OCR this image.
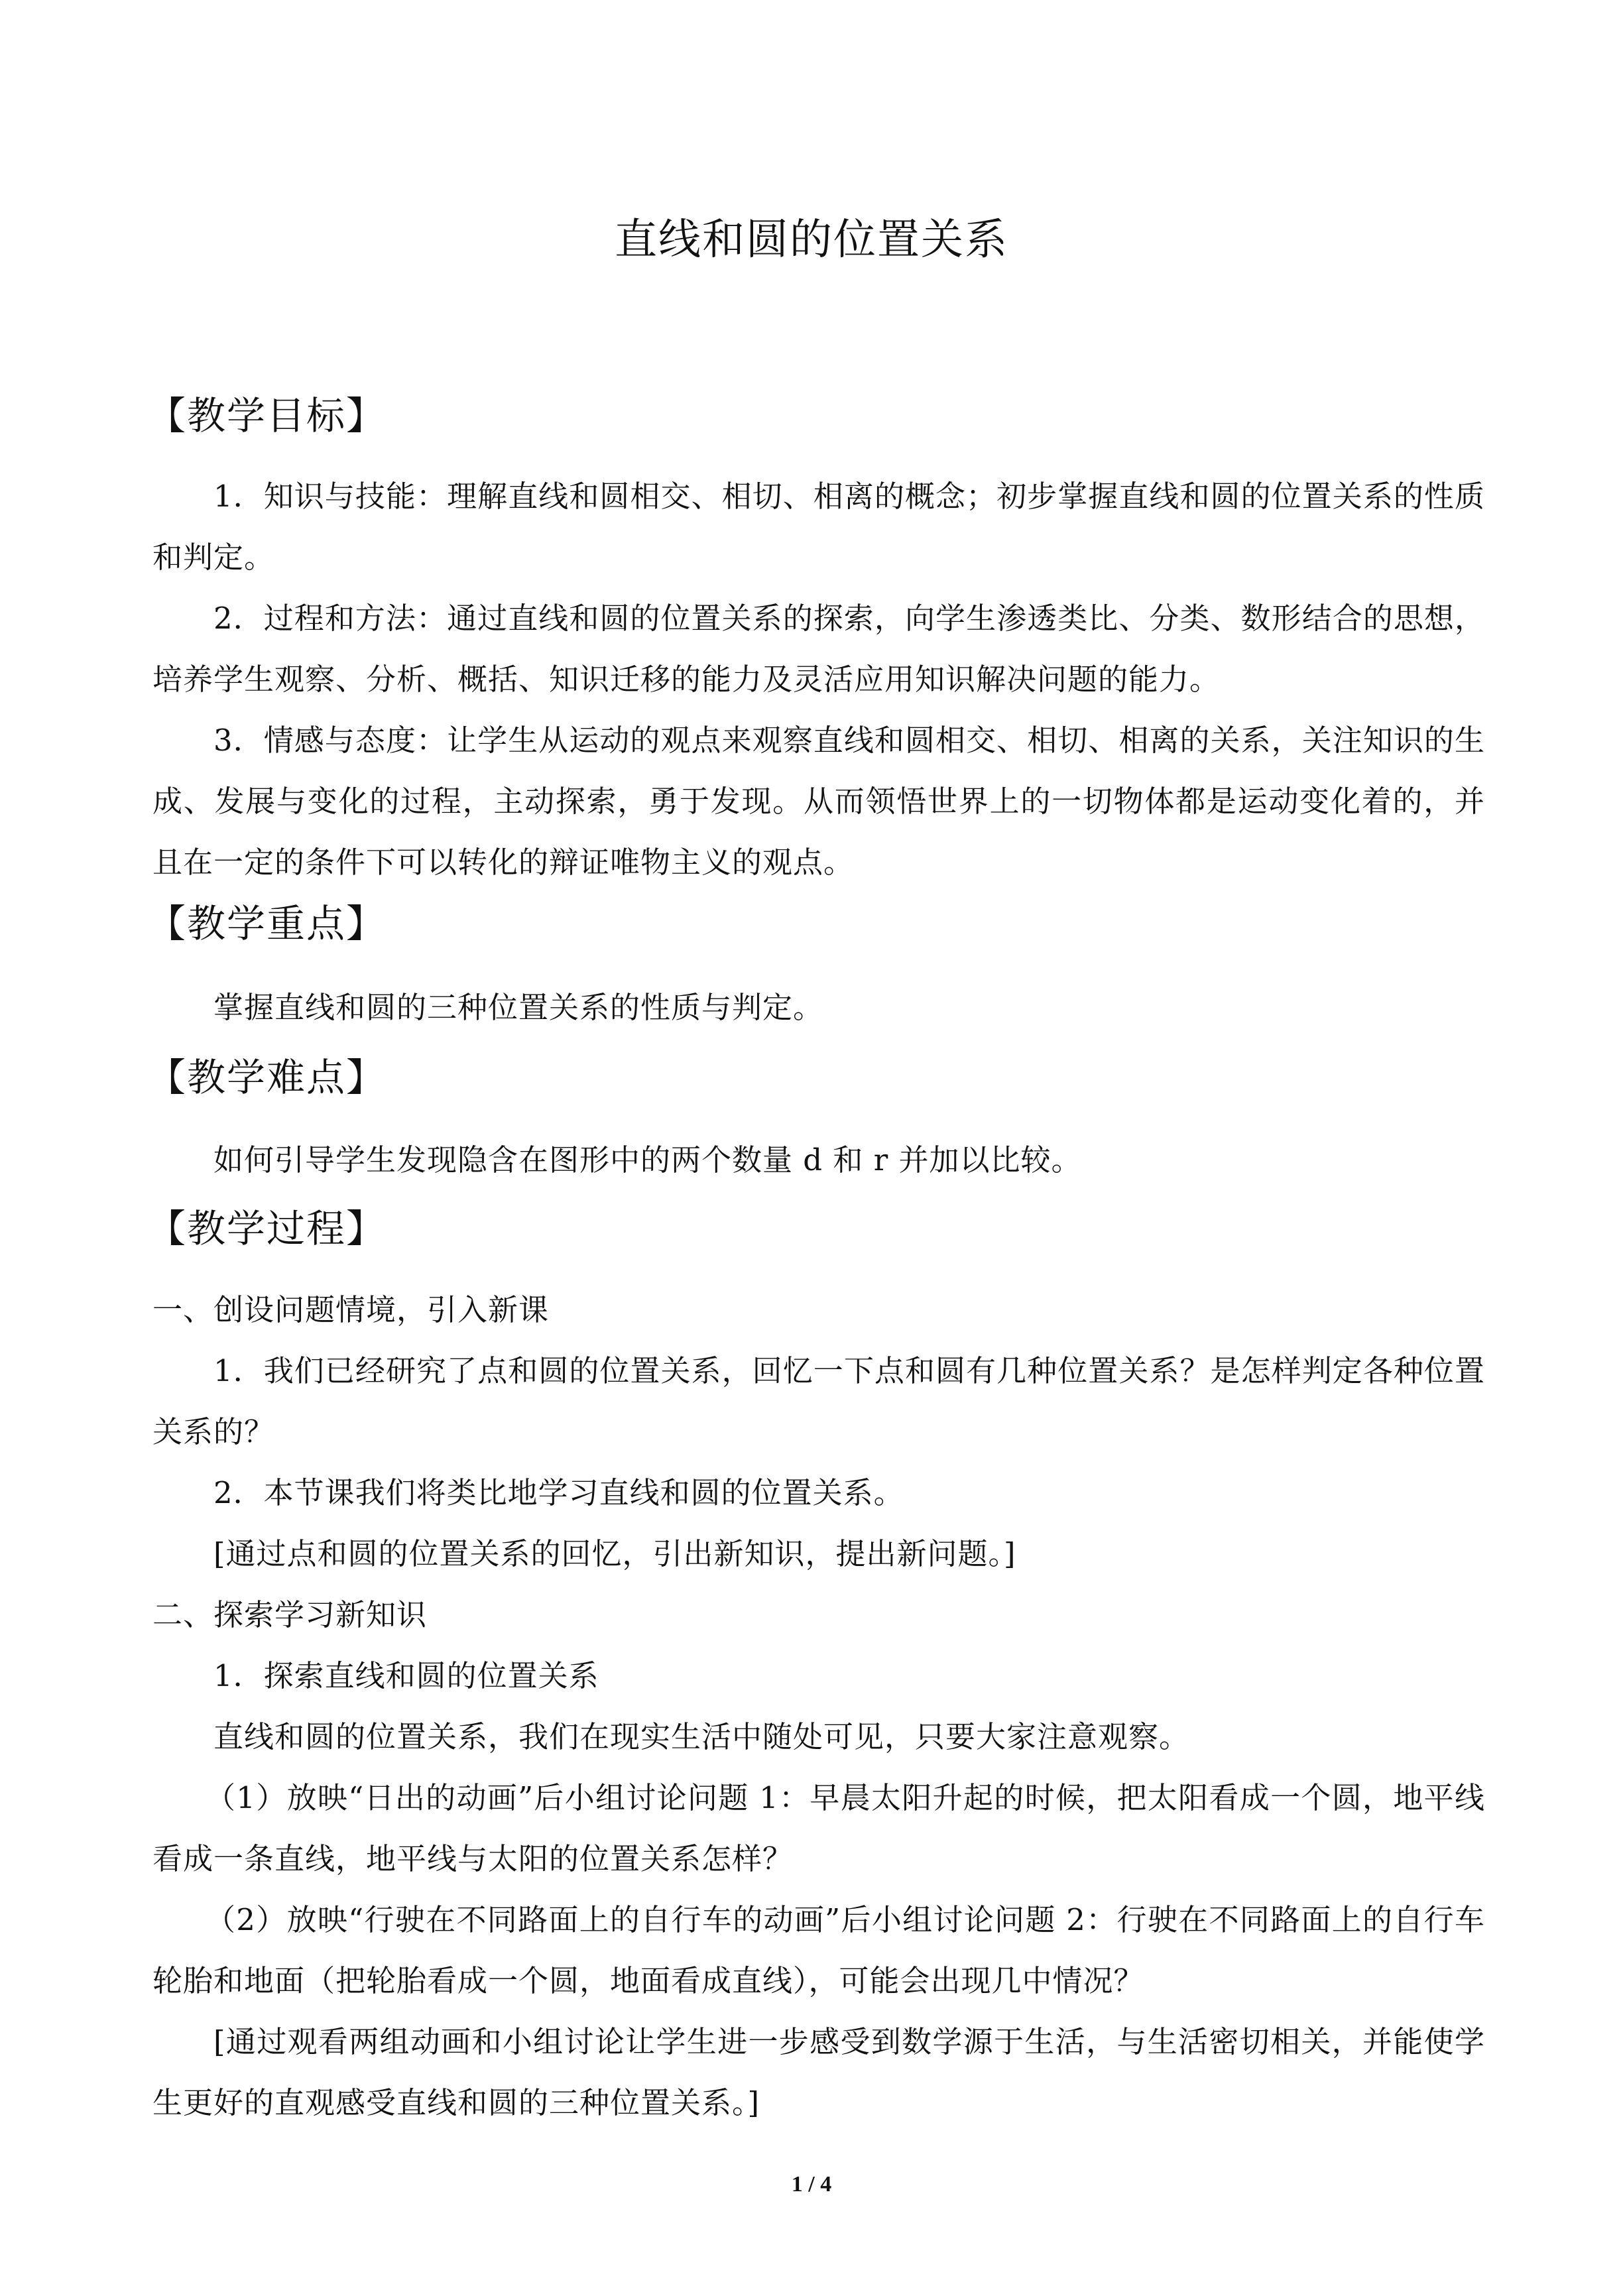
直线和圆的位置关系
【教学目标】
1．知识与技能：理解直线和圆相交、相切、相离的概念；初步掌握直线和圆的位置关系的性质和判定。
2．过程和方法：通过直线和圆的位置关系的探索，向学生渗透类比、分类、数形结合的思想，培养学生观察、分析、概括、知识迁移的能力及灵活应用知识解决问题的能力。
3．情感与态度：让学生从运动的观点来观察直线和圆相交、相切、相离的关系，关注知识的生成、发展与变化的过程，主动探索，勇于发现。从而领悟世界上的一切物体都是运动变化着的，并且在一定的条件下可以转化的辩证唯物主义的观点。
【教学重点】
掌握直线和圆的三种位置关系的性质与判定。
【教学难点】
如何引导学生发现隐含在图形中的两个数量 d 和 r 并加以比较。
【教学过程】
一、创设问题情境，引入新课
1．我们已经研究了点和圆的位置关系，回忆一下点和圆有几种位置关系？是怎样判定各种位置关系的？
2．本节课我们将类比地学习直线和圆的位置关系。
[通过点和圆的位置关系的回忆，引出新知识，提出新问题。]
二、探索学习新知识
1．探索直线和圆的位置关系
直线和圆的位置关系，我们在现实生活中随处可见，只要大家注意观察。
（1）放映“日出的动画”后小组讨论问题 1：早晨太阳升起的时候，把太阳看成一个圆，地平线看成一条直线，地平线与太阳的位置关系怎样？
（2）放映“行驶在不同路面上的自行车的动画”后小组讨论问题 2：行驶在不同路面上的自行车轮胎和地面（把轮胎看成一个圆，地面看成直线），可能会出现几中情况？
[通过观看两组动画和小组讨论让学生进一步感受到数学源于生活，与生活密切相关，并能使学生更好的直观感受直线和圆的三种位置关系。]
1 / 4
